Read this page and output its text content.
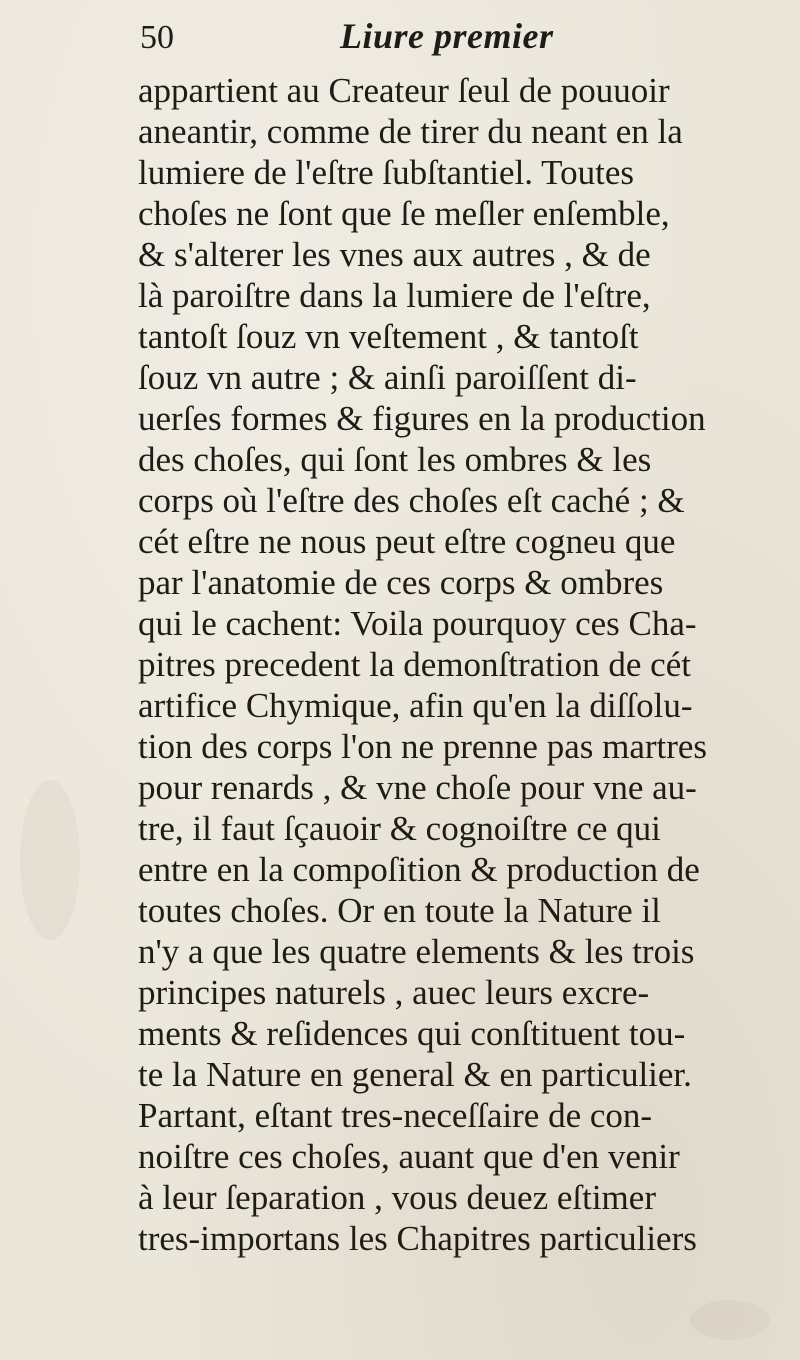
50	Liure premier
appartient au Createur ſeul de pouuoir
aneantir, comme de tirer du neant en la
lumiere de l'eſtre ſubſtantiel. Toutes
choſes ne ſont que ſe meſler enſemble,
& s'alterer les vnes aux autres , & de
là paroiſtre dans la lumiere de l'eſtre,
tantoſt ſouz vn veſtement , & tantoſt
ſouz vn autre ; & ainſi paroiſſent di-
uerſes formes & figures en la production
des choſes, qui ſont les ombres & les
corps où l'eſtre des choſes eſt caché ; &
cét eſtre ne nous peut eſtre cogneu que
par l'anatomie de ces corps & ombres
qui le cachent: Voila pourquoy ces Cha-
pitres precedent la demonſtration de cét
artifice Chymique, afin qu'en la diſſolu-
tion des corps l'on ne prenne pas martres
pour renards , & vne choſe pour vne au-
tre, il faut ſçauoir & cognoiſtre ce qui
entre en la compoſition & production de
toutes choſes. Or en toute la Nature il
n'y a que les quatre elements & les trois
principes naturels , auec leurs excre-
ments & reſidences qui conſtituent tou-
te la Nature en general & en particulier.
Partant, eſtant tres-neceſſaire de con-
noiſtre ces choſes, auant que d'en venir
à leur ſeparation , vous deuez eſtimer
tres-importans les Chapitres particuliers
